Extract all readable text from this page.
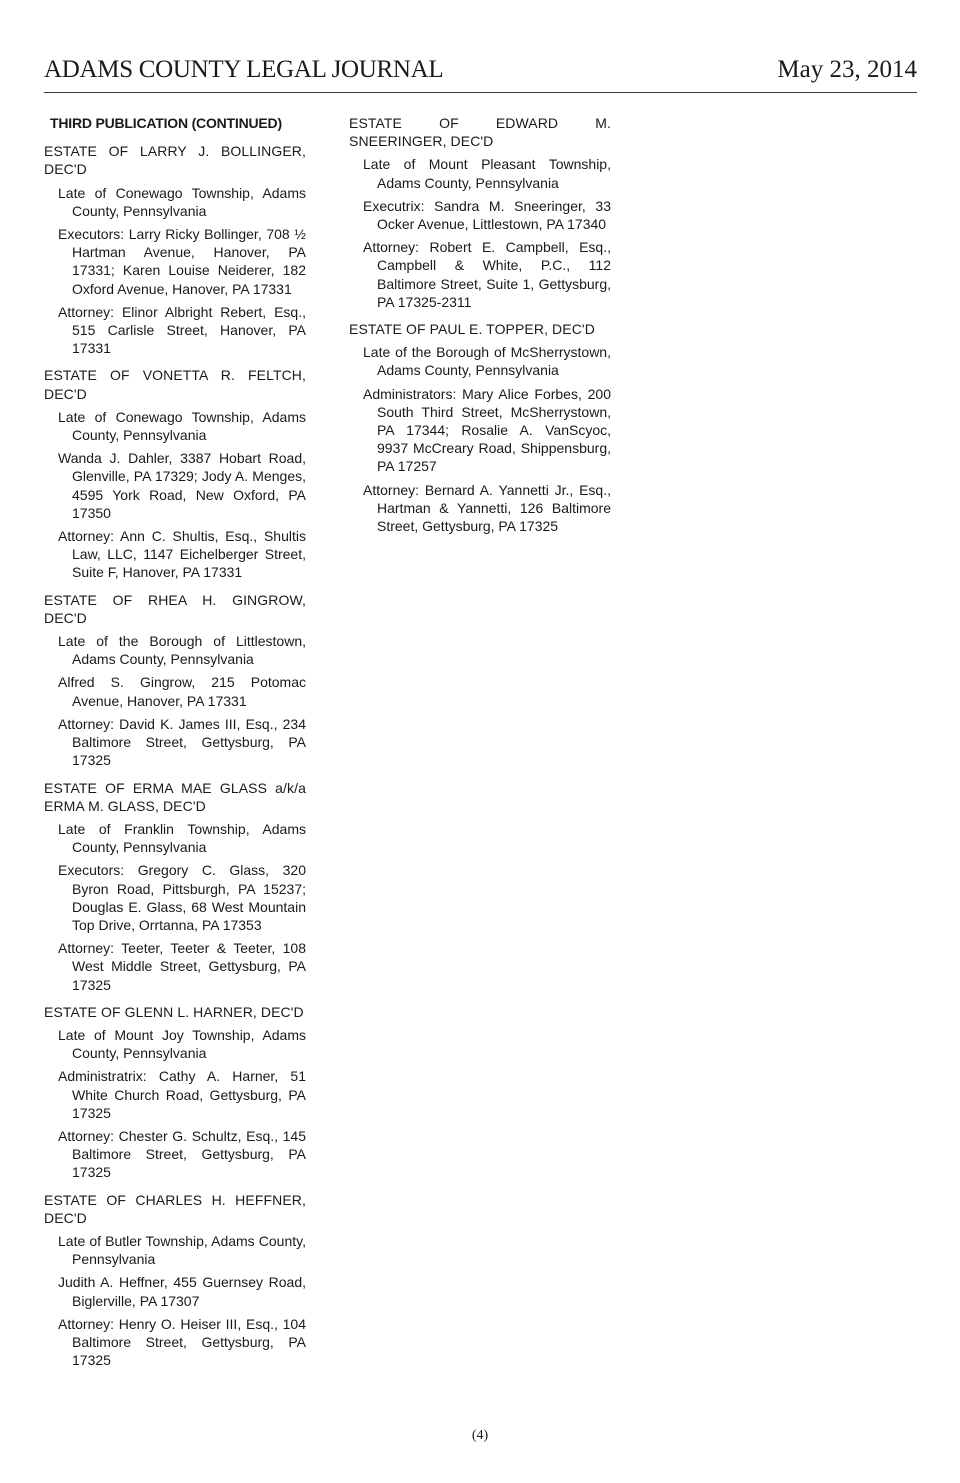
ADAMS COUNTY LEGAL JOURNAL	May 23, 2014
THIRD PUBLICATION (CONTINUED)
ESTATE OF LARRY J. BOLLINGER, DEC'D
Late of Conewago Township, Adams County, Pennsylvania
Executors: Larry Ricky Bollinger, 708 ½ Hartman Avenue, Hanover, PA 17331; Karen Louise Neiderer, 182 Oxford Avenue, Hanover, PA 17331
Attorney: Elinor Albright Rebert, Esq., 515 Carlisle Street, Hanover, PA 17331
ESTATE OF VONETTA R. FELTCH, DEC'D
Late of Conewago Township, Adams County, Pennsylvania
Wanda J. Dahler, 3387 Hobart Road, Glenville, PA 17329; Jody A. Menges, 4595 York Road, New Oxford, PA 17350
Attorney: Ann C. Shultis, Esq., Shultis Law, LLC, 1147 Eichelberger Street, Suite F, Hanover, PA 17331
ESTATE OF RHEA H. GINGROW, DEC'D
Late of the Borough of Littlestown, Adams County, Pennsylvania
Alfred S. Gingrow, 215 Potomac Avenue, Hanover, PA 17331
Attorney: David K. James III, Esq., 234 Baltimore Street, Gettysburg, PA 17325
ESTATE OF ERMA MAE GLASS a/k/a ERMA M. GLASS, DEC'D
Late of Franklin Township, Adams County, Pennsylvania
Executors: Gregory C. Glass, 320 Byron Road, Pittsburgh, PA 15237; Douglas E. Glass, 68 West Mountain Top Drive, Orrtanna, PA 17353
Attorney: Teeter, Teeter & Teeter, 108 West Middle Street, Gettysburg, PA 17325
ESTATE OF GLENN L. HARNER, DEC'D
Late of Mount Joy Township, Adams County, Pennsylvania
Administratrix: Cathy A. Harner, 51 White Church Road, Gettysburg, PA 17325
Attorney: Chester G. Schultz, Esq., 145 Baltimore Street, Gettysburg, PA 17325
ESTATE OF CHARLES H. HEFFNER, DEC'D
Late of Butler Township, Adams County, Pennsylvania
Judith A. Heffner, 455 Guernsey Road, Biglerville, PA 17307
Attorney: Henry O. Heiser III, Esq., 104 Baltimore Street, Gettysburg, PA 17325
ESTATE OF EDWARD M. SNEERINGER, DEC'D
Late of Mount Pleasant Township, Adams County, Pennsylvania
Executrix: Sandra M. Sneeringer, 33 Ocker Avenue, Littlestown, PA 17340
Attorney: Robert E. Campbell, Esq., Campbell & White, P.C., 112 Baltimore Street, Suite 1, Gettysburg, PA 17325-2311
ESTATE OF PAUL E. TOPPER, DEC'D
Late of the Borough of McSherrystown, Adams County, Pennsylvania
Administrators: Mary Alice Forbes, 200 South Third Street, McSherrystown, PA 17344; Rosalie A. VanScyoc, 9937 McCreary Road, Shippensburg, PA 17257
Attorney: Bernard A. Yannetti Jr., Esq., Hartman & Yannetti, 126 Baltimore Street, Gettysburg, PA 17325
(4)
